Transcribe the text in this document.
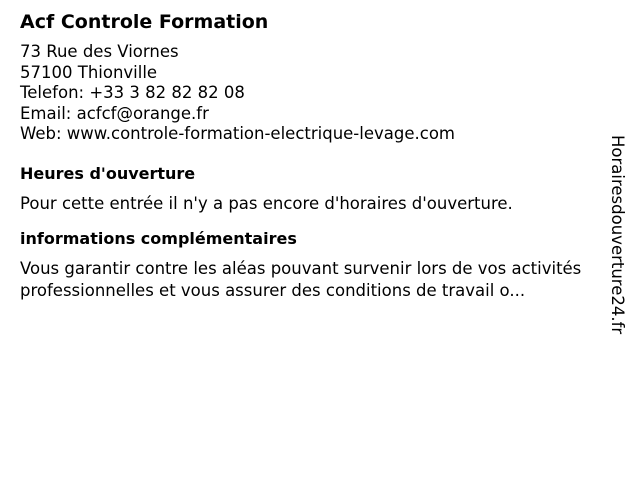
Acf Controle Formation
73 Rue des Viornes
57100 Thionville
Telefon: +33 3 82 82 82 08
Email: acfcf@orange.fr
Web: www.controle-formation-electrique-levage.com
Heures d'ouverture
Pour cette entrée il n'y a pas encore d'horaires d'ouverture.
informations complémentaires
Vous garantir contre les aléas pouvant survenir lors de vos activités professionnelles et vous assurer des conditions de travail o...	Horairesdouverture24.fr
